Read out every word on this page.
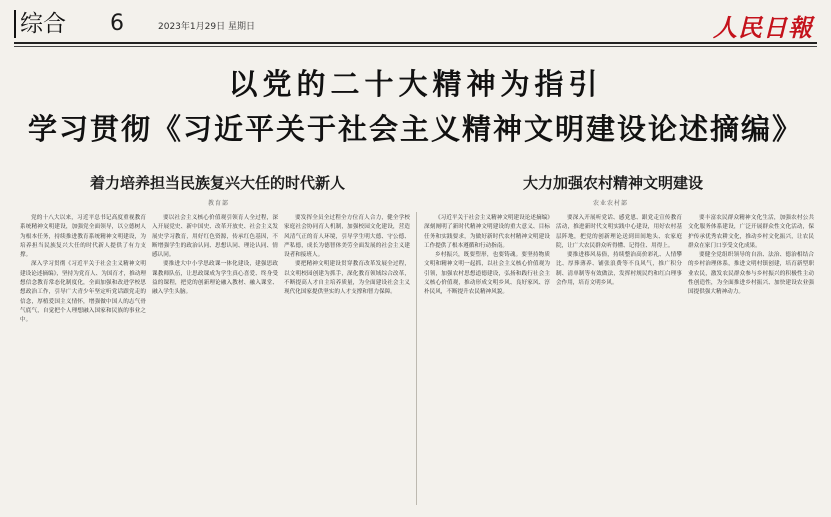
综合 6	2023年1月29日 星期日	人民日報
以党的二十大精神为指引
学习贯彻《习近平关于社会主义精神文明建设论述摘编》
着力培养担当民族复兴大任的时代新人
教育部
大力加强农村精神文明建设
农业农村部

党的十八大以来，习近平总书记高度重视教育系统精神文明建设，加强党全面领导，以立德树人为根本任务，持续推进教育系统精神文明建设，为培养担当民族复兴大任的时代新人提供了有力支撑。

深入学习贯彻《习近平关于社会主义精神文明建设论述摘编》，坚持为党育人、为国育才，推动理想信念教育常态化制度化，全面加强和改进学校思想政治工作，引导广大青少年坚定听党话跟党走的信念，厚植爱国主义情怀，增强做中国人的志气骨气底气，自觉把个人理想融入国家和民族的事业之中。

要以社会主义核心价值观引领育人全过程，深入开展党史、新中国史、改革开放史、社会主义发展史学习教育，用好红色资源，传承红色基因，不断增强学生的政治认同、思想认同、理论认同、情感认同。

要推进大中小学思政课一体化建设，建强思政课教师队伍，让思政课成为学生真心喜爱、终身受益的课程，把党的创新理论融入教材、融入课堂、融入学生头脑。

要发挥全员全过程全方位育人合力，健全学校家庭社会协同育人机制，加强校园文化建设，营造风清气正的育人环境，引导学生明大德、守公德、严私德，成长为德智体美劳全面发展的社会主义建设者和接班人。

要把精神文明建设贯穿教育改革发展全过程，以文明校园创建为抓手，深化教育领域综合改革，不断提高人才自主培养质量，为全面建设社会主义现代化国家提供坚实的人才支撑和智力保障。

《习近平关于社会主义精神文明建设论述摘编》深刻阐明了新时代精神文明建设的重大意义、目标任务和实践要求，为做好新时代农村精神文明建设工作提供了根本遵循和行动指南。

乡村振兴，既要塑形，也要铸魂。要坚持物质文明和精神文明一起抓，以社会主义核心价值观为引领，加强农村思想道德建设，弘扬和践行社会主义核心价值观，推动形成文明乡风、良好家风、淳朴民风，不断提升农民精神风貌。

要深入开展听党话、感党恩、跟党走宣传教育活动，推进新时代文明实践中心建设，用好农村基层阵地，把党的创新理论送到田间地头、农家庭院，让广大农民群众听得懂、记得住、用得上。

要推进移风易俗，持续整治高价彩礼、人情攀比、厚葬薄养、铺张浪费等不良风气，推广积分制、清单制等有效做法，发挥村规民约和红白理事会作用，培育文明乡风。

要丰富农民群众精神文化生活，加强农村公共文化服务体系建设，广泛开展群众性文化活动，保护传承优秀农耕文化，推动乡村文化振兴，让农民群众在家门口享受文化成果。

要健全党组织领导的自治、法治、德治相结合的乡村治理体系，推进文明村镇创建，培育新型职业农民，激发农民群众参与乡村振兴的积极性主动性创造性，为全面推进乡村振兴、加快建设农业强国提供强大精神动力。
